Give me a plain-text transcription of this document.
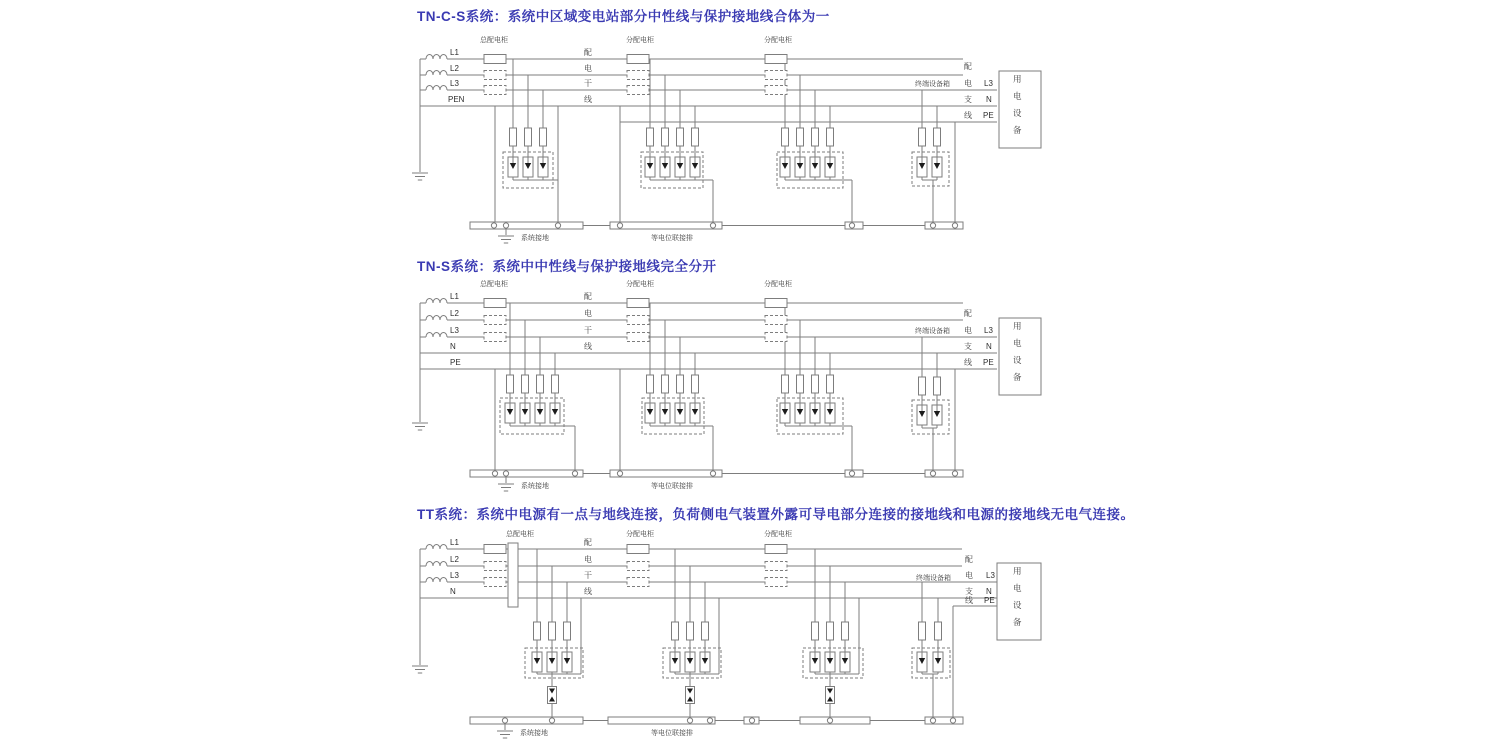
TN-C-S系统：系统中区域变电站部分中性线与保护接地线合体为一
总配电柜	分配电柜	分配电柜
L1
L2
L3
PEN
配
电
干
线
终端设备箱
配
电
支
线
L3
N
PE
用
电
设
备
系统接地	等电位联接排
TN-S系统：系统中中性线与保护接地线完全分开
总配电柜	分配电柜	分配电柜
L1
L2
L3
N
PE
配
电
干
线
终端设备箱
配
电
支
线
L3
N
PE
用
电
设
备
系统接地	等电位联接排
TT系统：系统中电源有一点与地线连接，负荷侧电气装置外露可导电部分连接的接地线和电源的接地线无电气连接。
总配电柜	分配电柜	分配电柜
L1
L2
L3
N
配
电
干
线
终端设备箱
配
电
支
线
L3
N
PE
用
电
设
备
系统接地	等电位联接排
